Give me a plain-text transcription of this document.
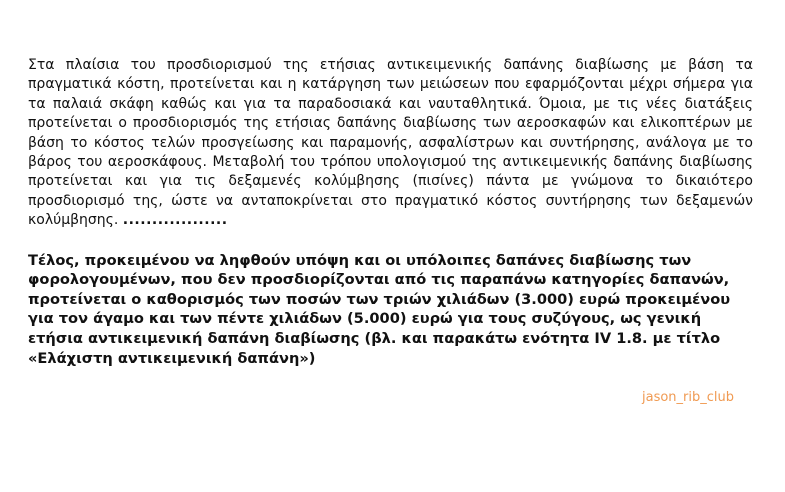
Στα πλαίσια του προσδιορισμού της ετήσιας αντικειμενικής δαπάνης διαβίωσης με βάση τα πραγματικά κόστη, προτείνεται και η κατάργηση των μειώσεων που εφαρμόζονται μέχρι σήμερα για τα παλαιά σκάφη καθώς και για τα παραδοσιακά και ναυταθλητικά. Όμοια, με τις νέες διατάξεις προτείνεται ο προσδιορισμός της ετήσιας δαπάνης διαβίωσης των αεροσκαφών και ελικοπτέρων με βάση το κόστος τελών προσγείωσης και παραμονής, ασφαλίστρων και συντήρησης, ανάλογα με το βάρος του αεροσκάφους. Μεταβολή του τρόπου υπολογισμού της αντικειμενικής δαπάνης διαβίωσης προτείνεται και για τις δεξαμενές κολύμβησης (πισίνες) πάντα με γνώμονα το δικαιότερο προσδιορισμό της, ώστε να ανταποκρίνεται στο πραγματικό κόστος συντήρησης των δεξαμενών κολύμβησης. ..................

Τέλος, προκειμένου να ληφθούν υπόψη και οι υπόλοιπες δαπάνες διαβίωσης των φορολογουμένων, που δεν προσδιορίζονται από τις παραπάνω κατηγορίες δαπανών, προτείνεται ο καθορισμός των ποσών των τριών χιλιάδων (3.000) ευρώ προκειμένου για τον άγαμο και των πέντε χιλιάδων (5.000) ευρώ για τους συζύγους, ως γενική ετήσια αντικειμενική δαπάνη διαβίωσης (βλ. και παρακάτω ενότητα IV 1.8. με τίτλο «Ελάχιστη αντικειμενική δαπάνη»)

jason_rib_club
